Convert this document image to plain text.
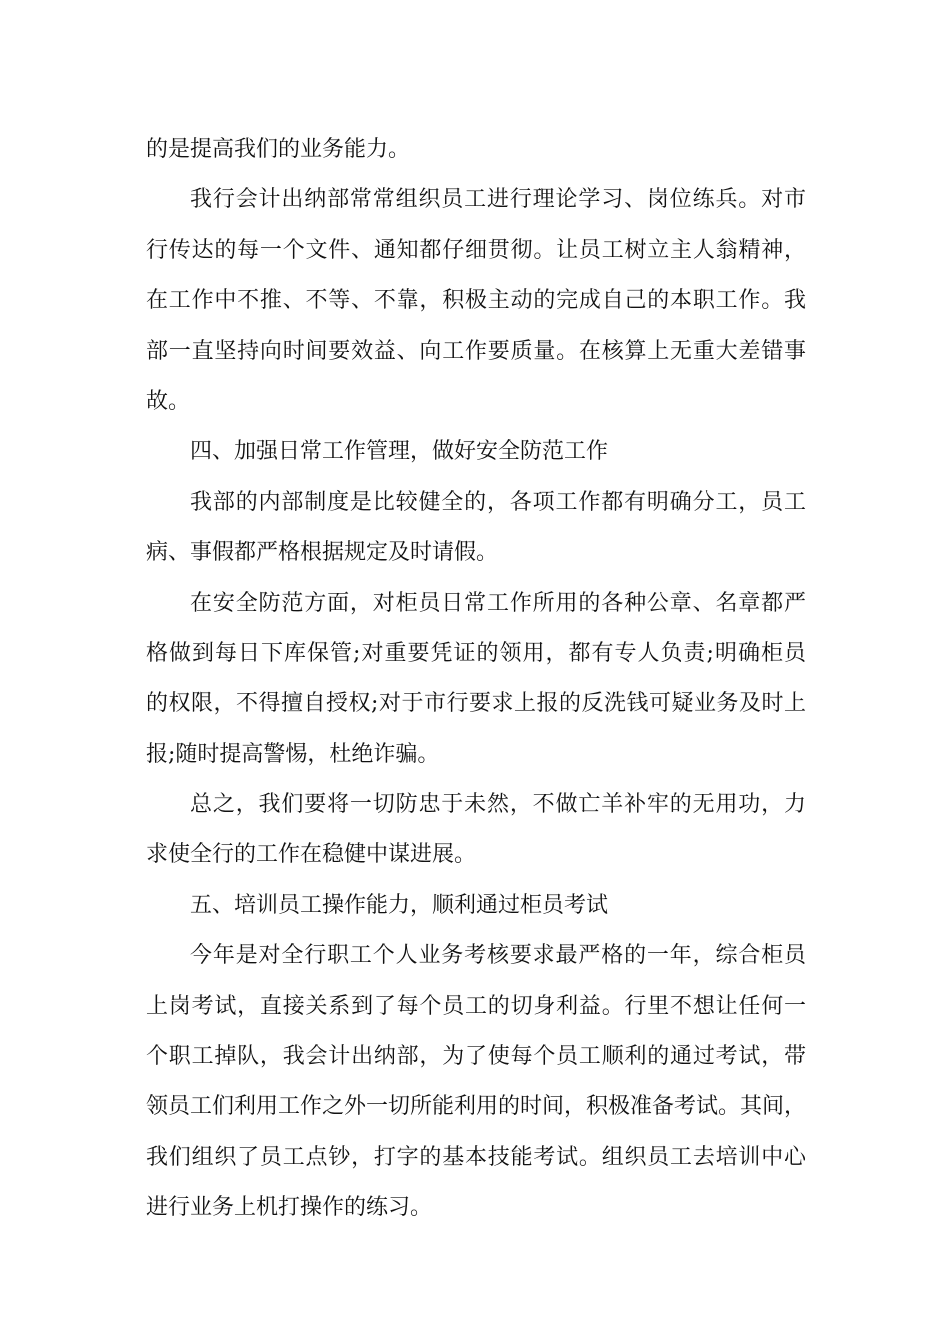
的是提高我们的业务能力。
我行会计出纳部常常组织员工进行理论学习、岗位练兵。对市
行传达的每一个文件、通知都仔细贯彻。让员工树立主人翁精神，
在工作中不推、不等、不靠，积极主动的完成自己的本职工作。我
部一直坚持向时间要效益、向工作要质量。在核算上无重大差错事
故。
四、加强日常工作管理，做好安全防范工作
我部的内部制度是比较健全的，各项工作都有明确分工，员工
病、事假都严格根据规定及时请假。
在安全防范方面，对柜员日常工作所用的各种公章、名章都严
格做到每日下库保管;对重要凭证的领用，都有专人负责;明确柜员
的权限，不得擅自授权;对于市行要求上报的反洗钱可疑业务及时上
报;随时提高警惕，杜绝诈骗。
总之，我们要将一切防忠于未然，不做亡羊补牢的无用功，力
求使全行的工作在稳健中谋进展。
五、培训员工操作能力，顺利通过柜员考试
今年是对全行职工个人业务考核要求最严格的一年，综合柜员
上岗考试，直接关系到了每个员工的切身利益。行里不想让任何一
个职工掉队，我会计出纳部，为了使每个员工顺利的通过考试，带
领员工们利用工作之外一切所能利用的时间，积极准备考试。其间，
我们组织了员工点钞，打字的基本技能考试。组织员工去培训中心
进行业务上机打操作的练习。
